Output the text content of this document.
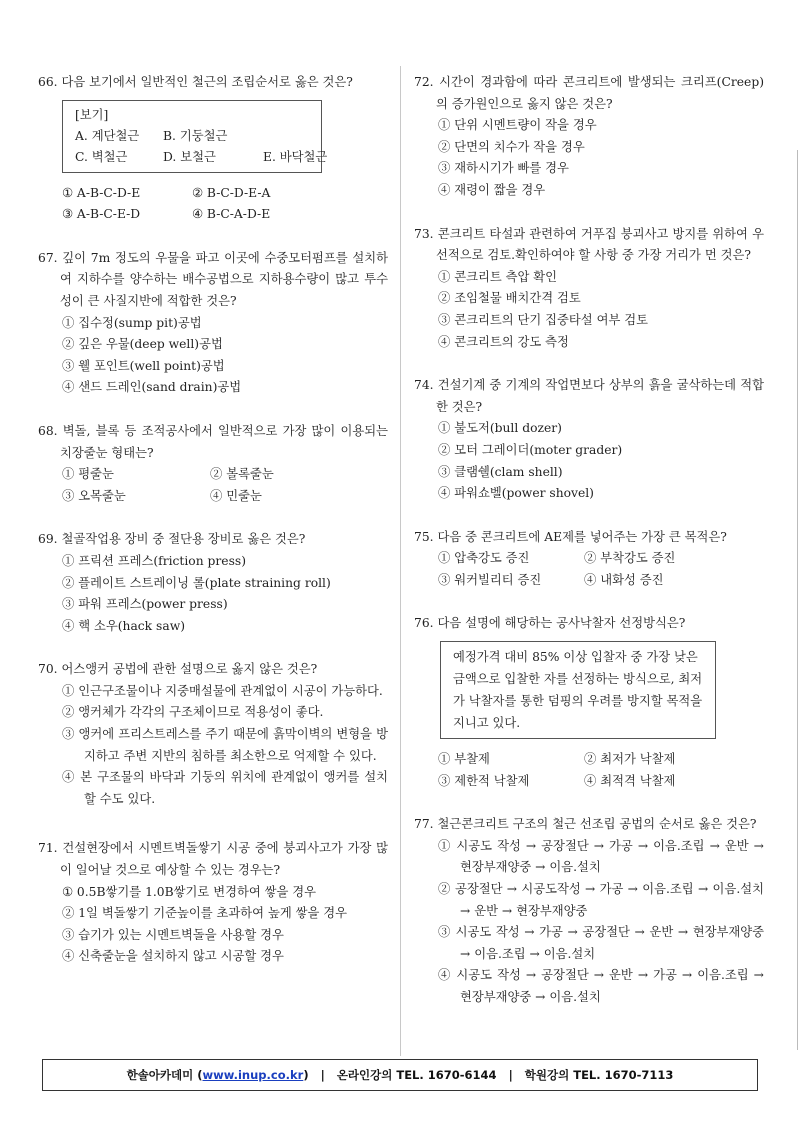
66. 다음 보기에서 일반적인 철근의 조립순서로 옳은 것은?
[보기]
A. 계단철근	B. 기둥철근
C. 벽철근	D. 보철근	E. 바닥철근
① A-B-C-D-E	② B-C-D-E-A
③ A-B-C-E-D	④ B-C-A-D-E
67. 깊이 7m 정도의 우물을 파고 이곳에 수중모터펌프를 설치하여 지하수를 양수하는 배수공법으로 지하용수량이 많고 투수성이 큰 사질지반에 적합한 것은?
① 집수정(sump pit)공법
② 깊은 우물(deep well)공법
③ 웰 포인트(well point)공법
④ 샌드 드레인(sand drain)공법
68. 벽돌, 블록 등 조적공사에서 일반적으로 가장 많이 이용되는 치장줄눈 형태는?
① 평줄눈	② 볼록줄눈
③ 오목줄눈	④ 민줄눈
69. 철골작업용 장비 중 절단용 장비로 옳은 것은?
① 프릭션 프레스(friction press)
② 플레이트 스트레이닝 롤(plate straining roll)
③ 파워 프레스(power press)
④ 핵 소우(hack saw)
70. 어스앵커 공법에 관한 설명으로 옳지 않은 것은?
① 인근구조물이나 지중매설물에 관계없이 시공이 가능하다.
② 앵커체가 각각의 구조체이므로 적용성이 좋다.
③ 앵커에 프리스트레스를 주기 때문에 흙막이벽의 변형을 방지하고 주변 지반의 침하를 최소한으로 억제할 수 있다.
④ 본 구조물의 바닥과 기둥의 위치에 관계없이 앵커를 설치할 수도 있다.
71. 건설현장에서 시멘트벽돌쌓기 시공 중에 붕괴사고가 가장 많이 일어날 것으로 예상할 수 있는 경우는?
① 0.5B쌓기를 1.0B쌓기로 변경하여 쌓을 경우
② 1일 벽돌쌓기 기준높이를 초과하여 높게 쌓을 경우
③ 습기가 있는 시멘트벽돌을 사용할 경우
④ 신축줄눈을 설치하지 않고 시공할 경우
72. 시간이 경과함에 따라 콘크리트에 발생되는 크리프(Creep)의 증가원인으로 옳지 않은 것은?
① 단위 시멘트량이 작을 경우
② 단면의 치수가 작을 경우
③ 재하시기가 빠를 경우
④ 재령이 짧을 경우
73. 콘크리트 타설과 관련하여 거푸집 붕괴사고 방지를 위하여 우선적으로 검토.확인하여야 할 사항 중 가장 거리가 먼 것은?
① 콘크리트 측압 확인
② 조임철물 배치간격 검토
③ 콘크리트의 단기 집중타설 여부 검토
④ 콘크리트의 강도 측정
74. 건설기계 중 기계의 작업면보다 상부의 흙을 굴삭하는데 적합한 것은?
① 불도저(bull dozer)
② 모터 그레이더(moter grader)
③ 클램쉘(clam shell)
④ 파워쇼벨(power shovel)
75. 다음 중 콘크리트에 AE제를 넣어주는 가장 큰 목적은?
① 압축강도 증진	② 부착강도 증진
③ 워커빌리티 증진	④ 내화성 증진
76. 다음 설명에 해당하는 공사낙찰자 선정방식은?
예정가격 대비 85% 이상 입찰자 중 가장 낮은 금액으로 입찰한 자를 선정하는 방식으로, 최저가 낙찰자를 통한 덤핑의 우려를 방지할 목적을 지니고 있다.
① 부찰제	② 최저가 낙찰제
③ 제한적 낙찰제	④ 최적격 낙찰제
77. 철근콘크리트 구조의 철근 선조립 공법의 순서로 옳은 것은?
① 시공도 작성 → 공장절단 → 가공 → 이음.조립 → 운반 → 현장부재양중 → 이음.설치
② 공장절단 → 시공도작성 → 가공 → 이음.조립 → 이음.설치 → 운반 → 현장부재양중
③ 시공도 작성 → 가공 → 공장절단 → 운반 → 현장부재양중 → 이음.조립 → 이음.설치
④ 시공도 작성 → 공장절단 → 운반 → 가공 → 이음.조립 → 현장부재양중 → 이음.설치
한솔아카데미 (www.inup.co.kr) | 온라인강의 TEL. 1670-6144 | 학원강의 TEL. 1670-7113
